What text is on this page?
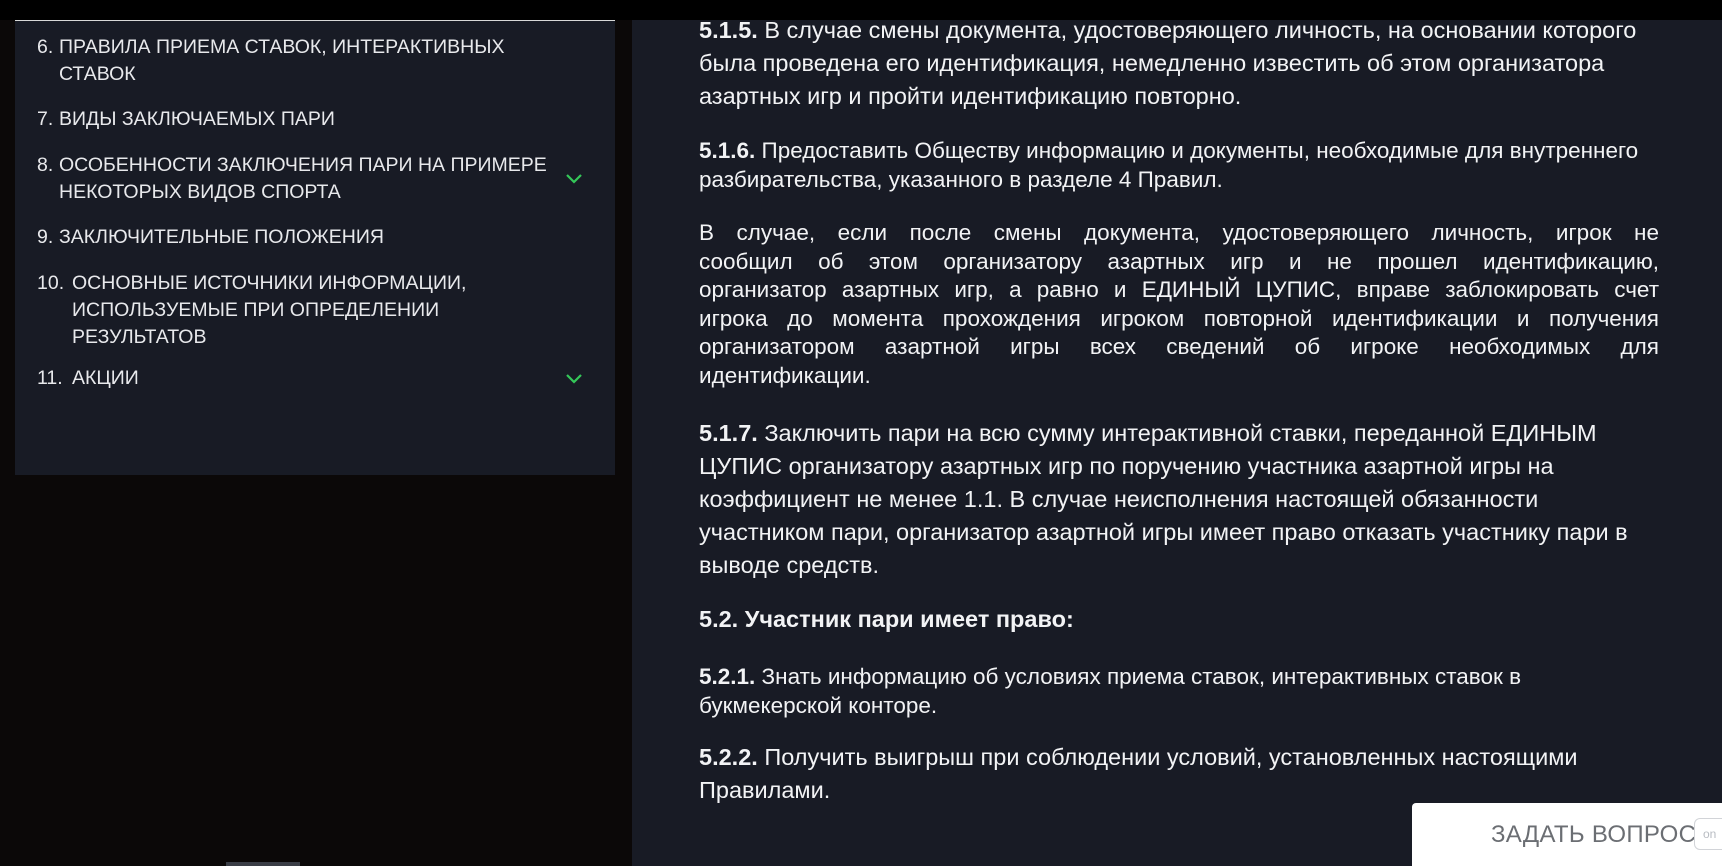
6. ПРАВИЛА ПРИЕМА СТАВОК, ИНТЕРАКТИВНЫХ
СТАВОК
7. ВИДЫ ЗАКЛЮЧАЕМЫХ ПАРИ
8. ОСОБЕННОСТИ ЗАКЛЮЧЕНИЯ ПАРИ НА ПРИМЕРЕ
НЕКОТОРЫХ ВИДОВ СПОРТА
9. ЗАКЛЮЧИТЕЛЬНЫЕ ПОЛОЖЕНИЯ
10. ОСНОВНЫЕ ИСТОЧНИКИ ИНФОРМАЦИИ,
ИСПОЛЬЗУЕМЫЕ ПРИ ОПРЕДЕЛЕНИИ
РЕЗУЛЬТАТОВ
11. АКЦИИ

5.1.5. В случае смены документа, удостоверяющего личность, на основании которого была проведена его идентификация, немедленно известить об этом организатора азартных игр и пройти идентификацию повторно.

5.1.6. Предоставить Обществу информацию и документы, необходимые для внутреннего разбирательства, указанного в разделе 4 Правил.

В случае, если после смены документа, удостоверяющего личность, игрок не
сообщил об этом организатору азартных игр и не прошел идентификацию,
организатор азартных игр, а равно и ЕДИНЫЙ ЦУПИС, вправе заблокировать счет
игрока до момента прохождения игроком повторной идентификации и получения
организатором азартной игры всех сведений об игроке необходимых для
идентификации.

5.1.7. Заключить пари на всю сумму интерактивной ставки, переданной ЕДИНЫМ ЦУПИС организатору азартных игр по поручению участника азартной игры на коэффициент не менее 1.1. В случае неисполнения настоящей обязанности участником пари, организатор азартной игры имеет право отказать участнику пари в выводе средств.

5.2. Участник пари имеет право:

5.2.1. Знать информацию об условиях приема ставок, интерактивных ставок в букмекерской конторе.

5.2.2. Получить выигрыш при соблюдении условий, установленных настоящими Правилами.

ЗАДАТЬ ВОПРОС on
